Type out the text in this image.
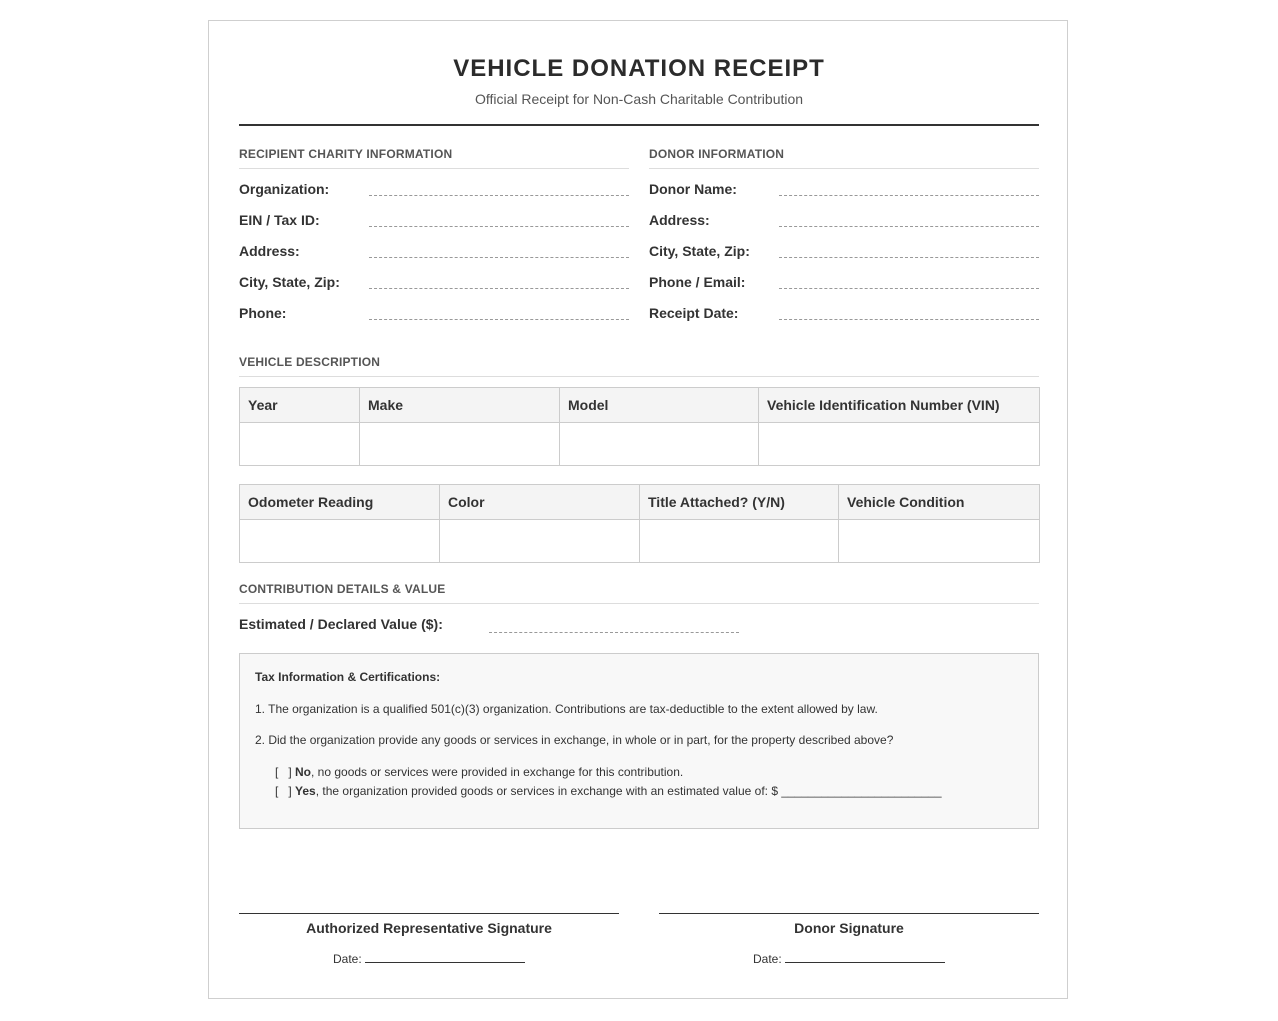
VEHICLE DONATION RECEIPT
Official Receipt for Non-Cash Charitable Contribution
RECIPIENT CHARITY INFORMATION
Organization:
EIN / Tax ID:
Address:
City, State, Zip:
Phone:
DONOR INFORMATION
Donor Name:
Address:
City, State, Zip:
Phone / Email:
Receipt Date:
VEHICLE DESCRIPTION
Year	Make	Model	Vehicle Identification Number (VIN)

Odometer Reading	Color	Title Attached? (Y/N)	Vehicle Condition

CONTRIBUTION DETAILS & VALUE
Estimated / Declared Value ($):
Tax Information & Certifications:
1. The organization is a qualified 501(c)(3) organization. Contributions are tax-deductible to the extent allowed by law.
2. Did the organization provide any goods or services in exchange, in whole or in part, for the property described above?
[   ] No, no goods or services were provided in exchange for this contribution.
[   ] Yes, the organization provided goods or services in exchange with an estimated value of: $ ________________________
Authorized Representative Signature
Date:
Donor Signature
Date:
